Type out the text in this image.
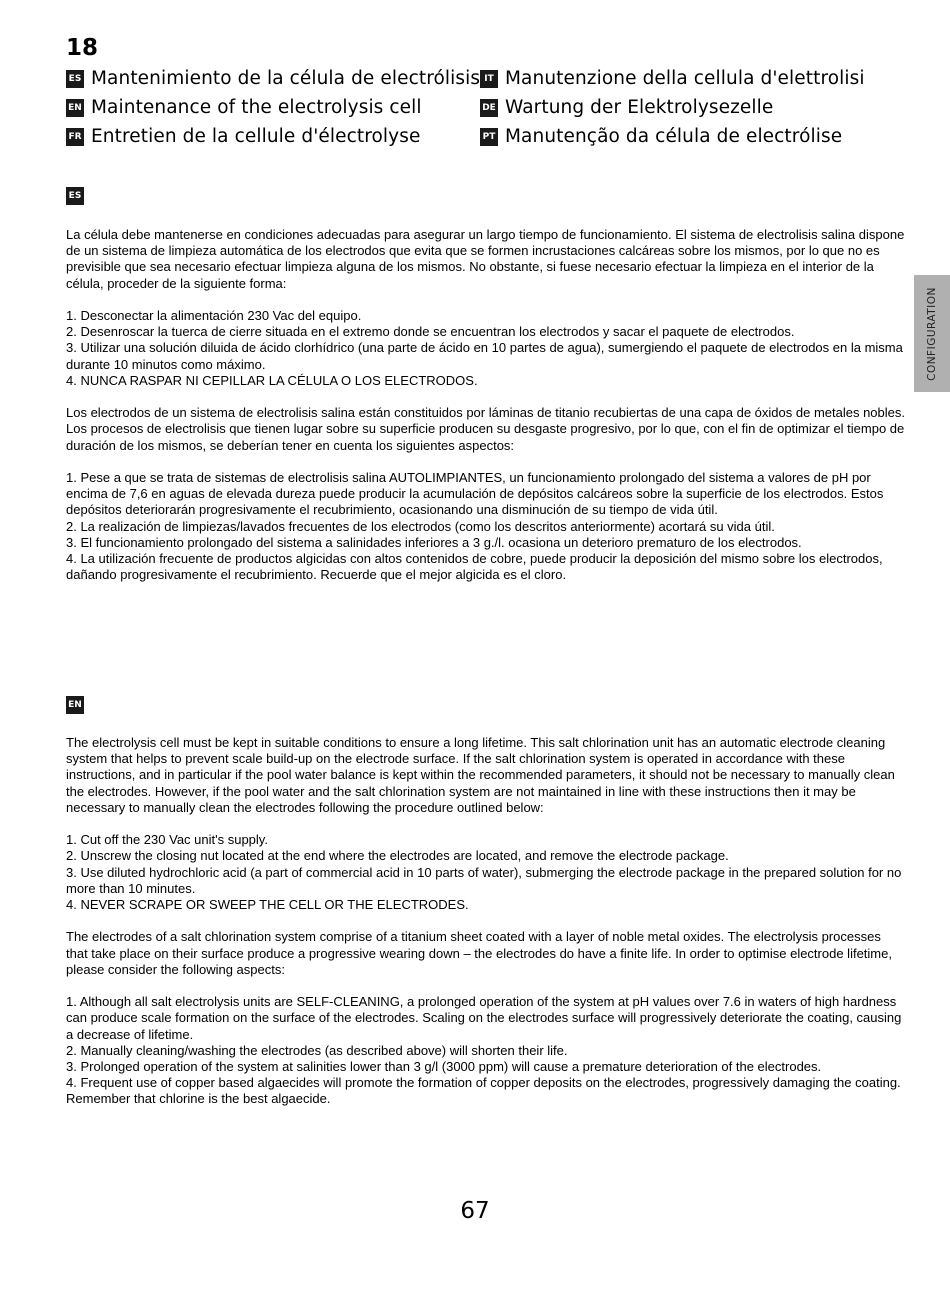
18
ES Mantenimiento de la célula de electrólisis
EN Maintenance of the electrolysis cell
FR Entretien de la cellule d'électrolyse
IT Manutenzione della cellula d'elettrolisi
DE Wartung der Elektrolysezelle
PT Manutenção da célula de electrólise
CONFIGURATION
ES

La célula debe mantenerse en condiciones adecuadas para asegurar un largo tiempo de funcionamiento. El sistema de electrolisis salina dispone de un sistema de limpieza automática de los electrodos que evita que se formen incrustaciones calcáreas sobre los mismos, por lo que no es previsible que sea necesario efectuar limpieza alguna de los mismos. No obstante, si fuese necesario efectuar la limpieza en el interior de la célula, proceder de la siguiente forma:

1. Desconectar la alimentación 230 Vac del equipo.
2. Desenroscar la tuerca de cierre situada en el extremo donde se encuentran los electrodos y sacar el paquete de electrodos.
3. Utilizar una solución diluida de ácido clorhídrico (una parte de ácido en 10 partes de agua), sumergiendo el paquete de electrodos en la misma durante 10 minutos como máximo.
4. NUNCA RASPAR NI CEPILLAR LA CÉLULA O LOS ELECTRODOS.

Los electrodos de un sistema de electrolisis salina están constituidos por láminas de titanio recubiertas de una capa de óxidos de metales nobles. Los procesos de electrolisis que tienen lugar sobre su superficie producen su desgaste progresivo, por lo que, con el fin de optimizar el tiempo de duración de los mismos, se deberían tener en cuenta los siguientes aspectos:

1. Pese a que se trata de sistemas de electrolisis salina AUTOLIMPIANTES, un funcionamiento prolongado del sistema a valores de pH por encima de 7,6 en aguas de elevada dureza puede producir la acumulación de depósitos calcáreos sobre la superficie de los electrodos. Estos depósitos deteriorarán progresivamente el recubrimiento, ocasionando una disminución de su tiempo de vida útil.
2. La realización de limpiezas/lavados frecuentes de los electrodos (como los descritos anteriormente) acortará su vida útil.
3. El funcionamiento prolongado del sistema a salinidades inferiores a 3 g./l. ocasiona un deterioro prematuro de los electrodos.
4. La utilización frecuente de productos algicidas con altos contenidos de cobre, puede producir la deposición del mismo sobre los electrodos, dañando progresivamente el recubrimiento. Recuerde que el mejor algicida es el cloro.
EN

The electrolysis cell must be kept in suitable conditions to ensure a long lifetime. This salt chlorination unit has an automatic electrode cleaning system that helps to prevent scale build-up on the electrode surface. If the salt chlorination system is operated in accordance with these instructions, and in particular if the pool water balance is kept within the recommended parameters, it should not be necessary to manually clean the electrodes. However, if the pool water and the salt chlorination system are not maintained in line with these instructions then it may be necessary to manually clean the electrodes following the procedure outlined below:

1. Cut off the 230 Vac unit's supply.
2. Unscrew the closing nut located at the end where the electrodes are located, and remove the electrode package.
3. Use diluted hydrochloric acid (a part of commercial acid in 10 parts of water), submerging the electrode package in the prepared solution for no more than 10 minutes.
4. NEVER SCRAPE OR SWEEP THE CELL OR THE ELECTRODES.

The electrodes of a salt chlorination system comprise of a titanium sheet coated with a layer of noble metal oxides. The electrolysis processes that take place on their surface produce a progressive wearing down – the electrodes do have a finite life. In order to optimise electrode lifetime, please consider the following aspects:

1. Although all salt electrolysis units are SELF-CLEANING, a prolonged operation of the system at pH values over 7.6 in waters of high hardness can produce scale formation on the surface of the electrodes. Scaling on the electrodes surface will progressively deteriorate the coating, causing a decrease of lifetime.
2. Manually cleaning/washing the electrodes (as described above) will shorten their life.
3. Prolonged operation of the system at salinities lower than 3 g/l (3000 ppm) will cause a premature deterioration of the electrodes.
4. Frequent use of copper based algaecides will promote the formation of copper deposits on the electrodes, progressively damaging the coating. Remember that chlorine is the best algaecide.
67
